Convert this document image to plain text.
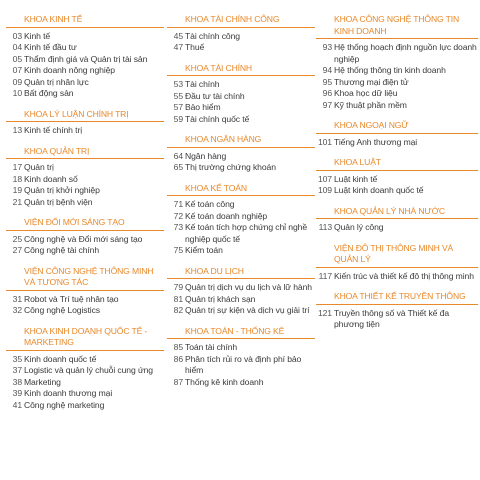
KHOA KINH TẾ
03 Kinh tế
04 Kinh tế đầu tư
05 Thẩm định giá và Quản trị tài sản
07 Kinh doanh nông nghiệp
09 Quản trị nhân lực
10 Bất động sản
KHOA LÝ LUẬN CHÍNH TRỊ
13 Kinh tế chính trị
KHOA QUẢN TRỊ
17 Quản trị
18 Kinh doanh số
19 Quản trị khởi nghiệp
21 Quản trị bệnh viện
VIỆN ĐỔI MỚI SÁNG TẠO
25 Công nghệ và Đổi mới sáng tạo
27 Công nghệ tài chính
VIỆN CÔNG NGHỆ THÔNG MINH VÀ TƯƠNG TÁC
31 Robot và Trí tuệ nhân tạo
32 Công nghệ Logistics
KHOA KINH DOANH QUỐC TẾ - MARKETING
35 Kinh doanh quốc tế
37 Logistic và quản lý chuỗi cung ứng
38 Marketing
39 Kinh doanh thương mại
41 Công nghệ marketing
KHOA TÀI CHÍNH CÔNG
45 Tài chính công
47 Thuế
KHOA TÀI CHÍNH
53 Tài chính
55 Đầu tư tài chính
57 Bảo hiểm
59 Tài chính quốc tế
KHOA NGÂN HÀNG
64 Ngân hàng
65 Thị trường chứng khoán
KHOA KẾ TOÁN
71 Kế toán công
72 Kế toán doanh nghiệp
73 Kế toán tích hợp chứng chỉ nghề nghiệp quốc tế
75 Kiểm toán
KHOA DU LỊCH
79 Quản trị dịch vụ du lịch và lữ hành
81 Quản trị khách sạn
82 Quản trị sự kiện và dịch vụ giải trí
KHOA TOÁN - THỐNG KÊ
85 Toán tài chính
86 Phân tích rủi ro và định phí bảo hiểm
87 Thống kê kinh doanh
KHOA CÔNG NGHỆ THÔNG TIN KINH DOANH
93 Hệ thống hoạch định nguồn lực doanh nghiệp
94 Hệ thống thông tin kinh doanh
95 Thương mại điện tử
96 Khoa học dữ liệu
97 Kỹ thuật phần mềm
KHOA NGOẠI NGỮ
101 Tiếng Anh thương mại
KHOA LUẬT
107 Luật kinh tế
109 Luật kinh doanh quốc tế
KHOA QUẢN LÝ NHÀ NƯỚC
113 Quản lý công
VIỆN ĐÔ THỊ THÔNG MINH VÀ QUẢN LÝ
117 Kiến trúc và thiết kế đô thị thông minh
KHOA THIẾT KẾ TRUYỀN THÔNG
121 Truyền thông số và Thiết kế đa phương tiện
